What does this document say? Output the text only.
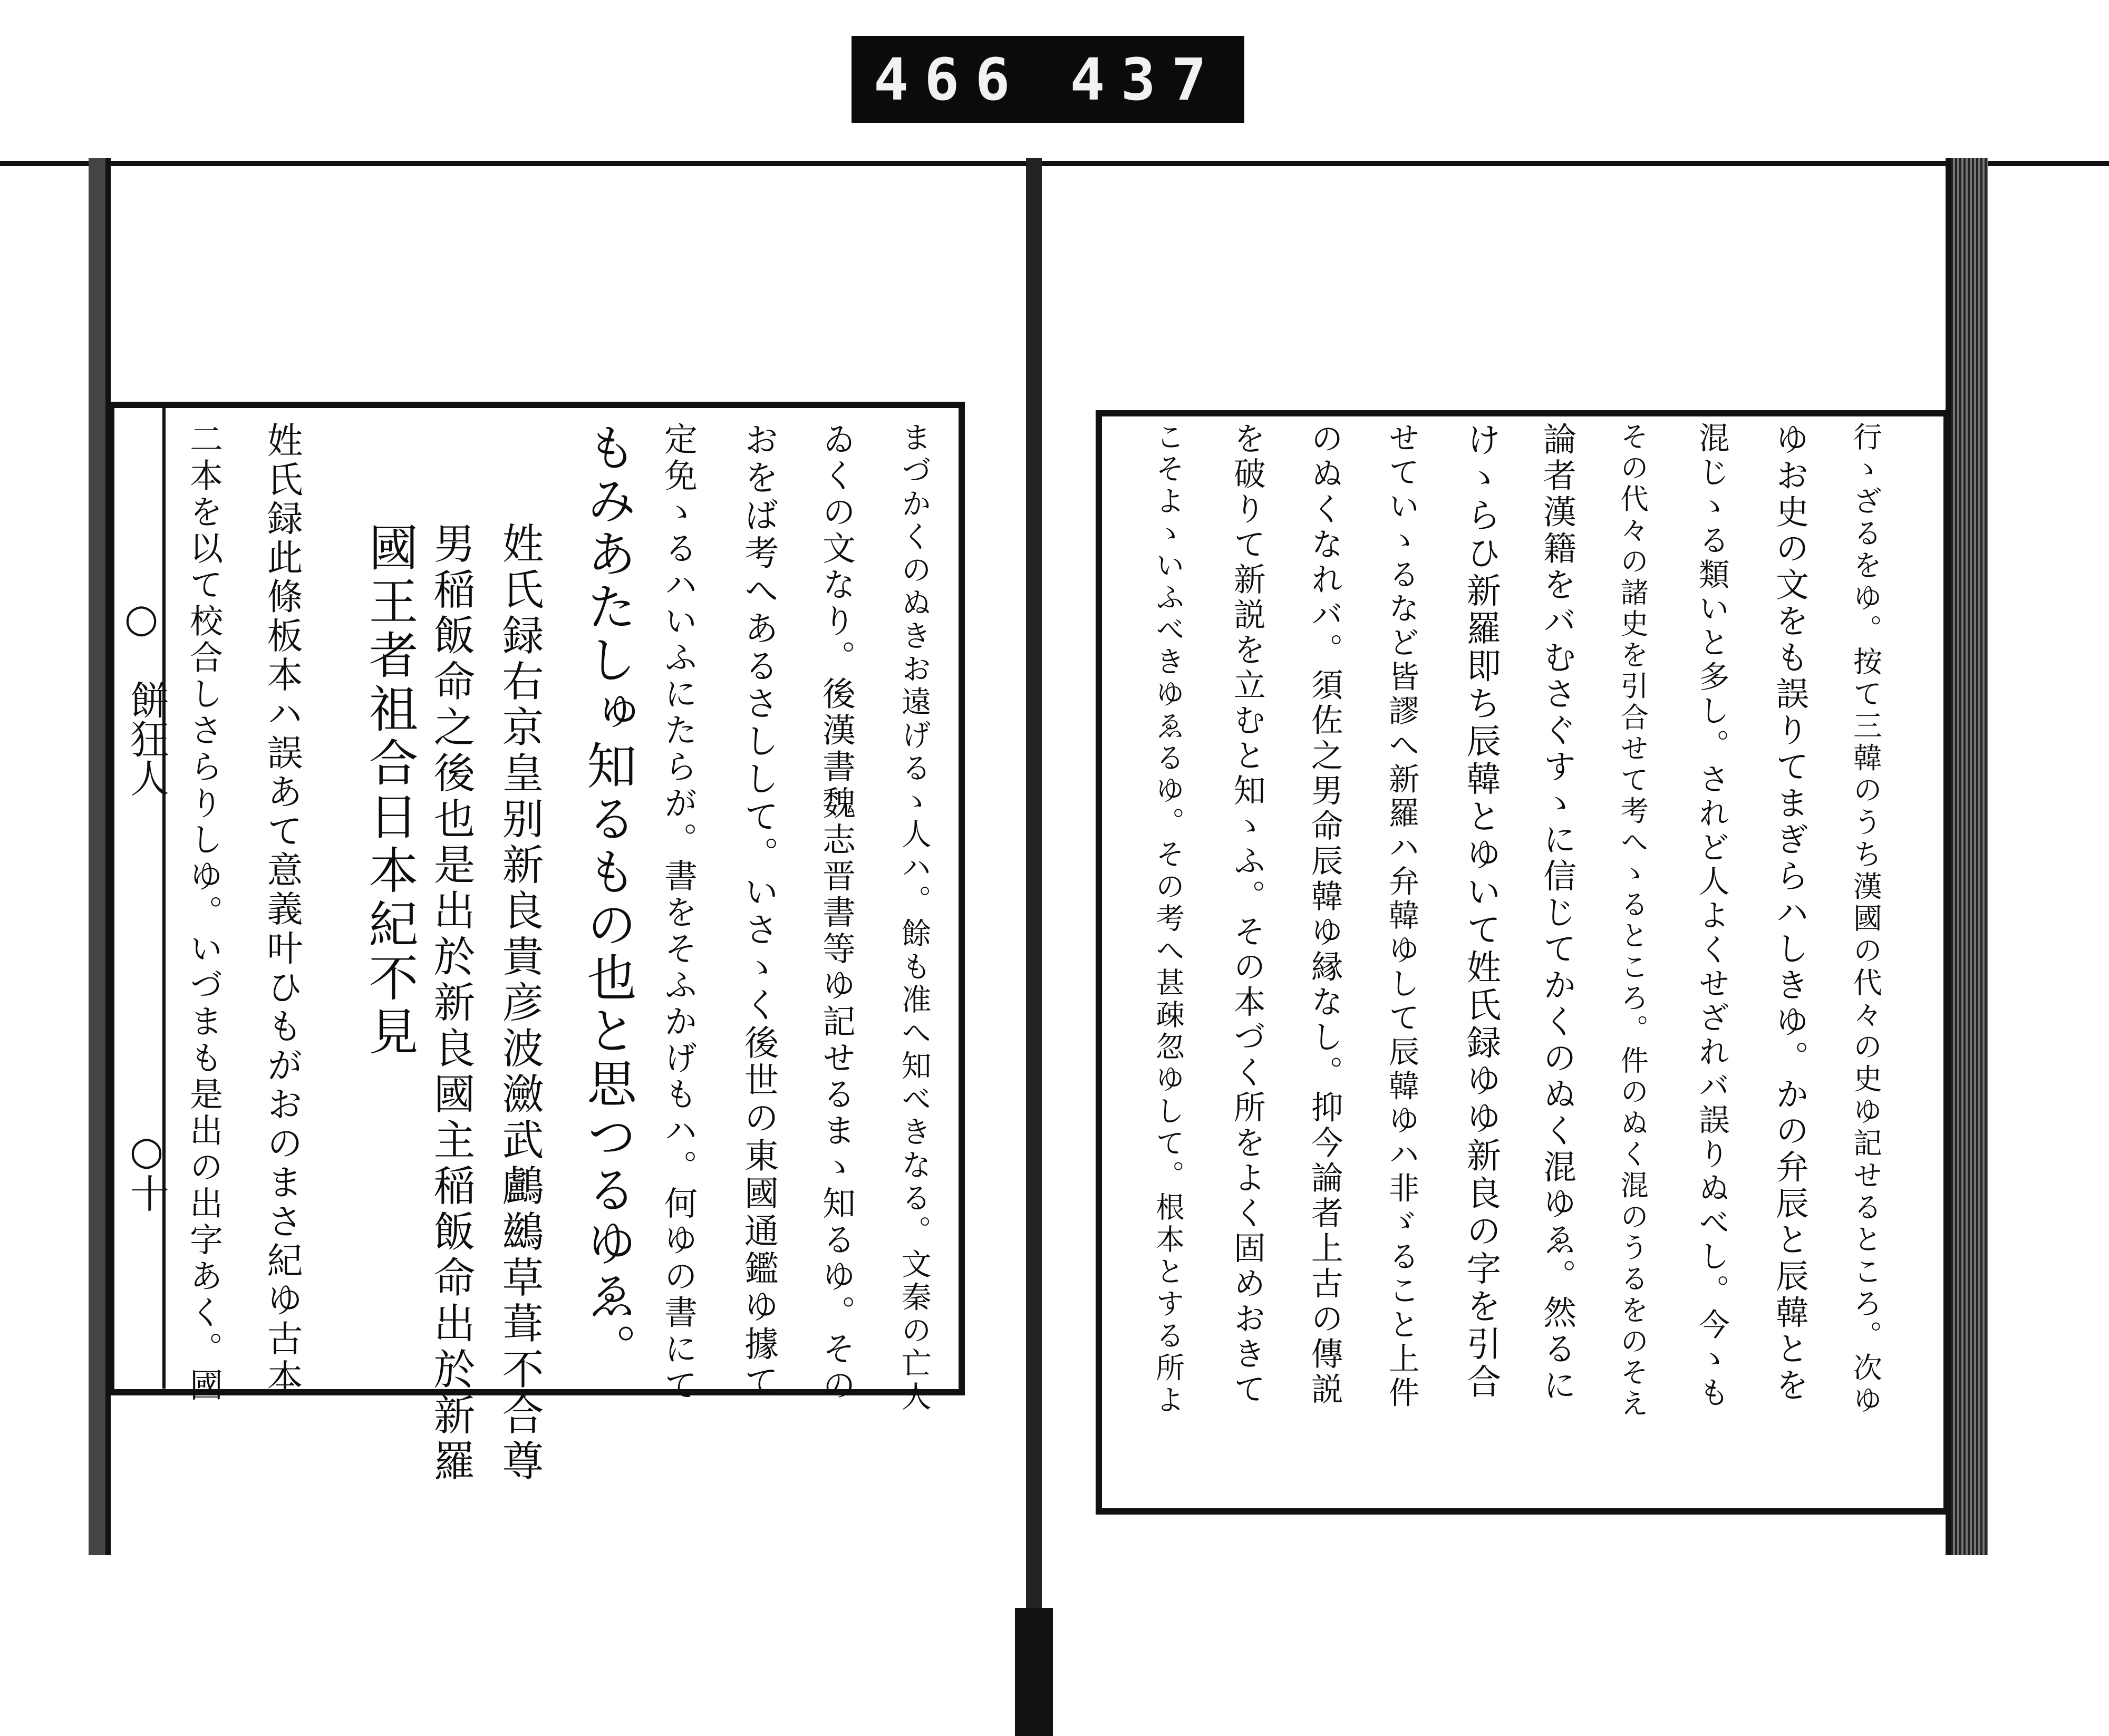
466 437
○
餅狂人
○十	まづかくのぬきお遠げるゝ人ハ。餘も准へ知べきなる。文秦の亡人
ゐくの文なり。後漢書魏志晋書等ゆ記せるまゝ知るゆ。その
おをば考へあるさしして。いさゝく後世の東國通鑑ゆ據て
定免ゝるハいふにたらが。書をそふかげもハ。何ゆの書にて
もみあたしゅ知るもの也と思つるゆゑ。
姓氏録右京皇别新良貴彦波瀲武鸕鷀草葺不合尊
男稲飯命之後也是出於新良國主稲飯命出於新羅
國王者祖合日本紀不見
姓氏録此條板本ハ誤あて意義叶ひもがおのまさ紀ゆ古本
二本を以て校合しさらりしゆ。いづまも是出の出字あく。國	行ゝざるをゆ。按て三韓のうち漢國の代々の史ゆ記せるところ。次ゆ
ゆお史の文をも誤りてまぎらハしきゆ。かの弁辰と辰韓とを
混じゝる類いと多し。されど人よくせざれバ誤りぬべし。今ゝも
その代々の諸史を引合せて考へゝるところ。件のぬく混のうるをのそえ
論者漢籍をバむさぐすゝに信じてかくのぬく混ゆゑ。然るに
けゝらひ新羅即ち辰韓とゆいて姓氏録ゆゆ新良の字を引合
せていゝるなど皆謬へ新羅ハ弁韓ゆして辰韓ゆハ非ゞること上件
のぬくなれバ。須佐之男命辰韓ゆ縁なし。抑今論者上古の傳説
を破りて新説を立むと知ゝふ。その本づく所をよく固めおきて
こそよゝいふべきゆゑるゆ。その考へ甚疎忽ゆして。根本とする所よ
